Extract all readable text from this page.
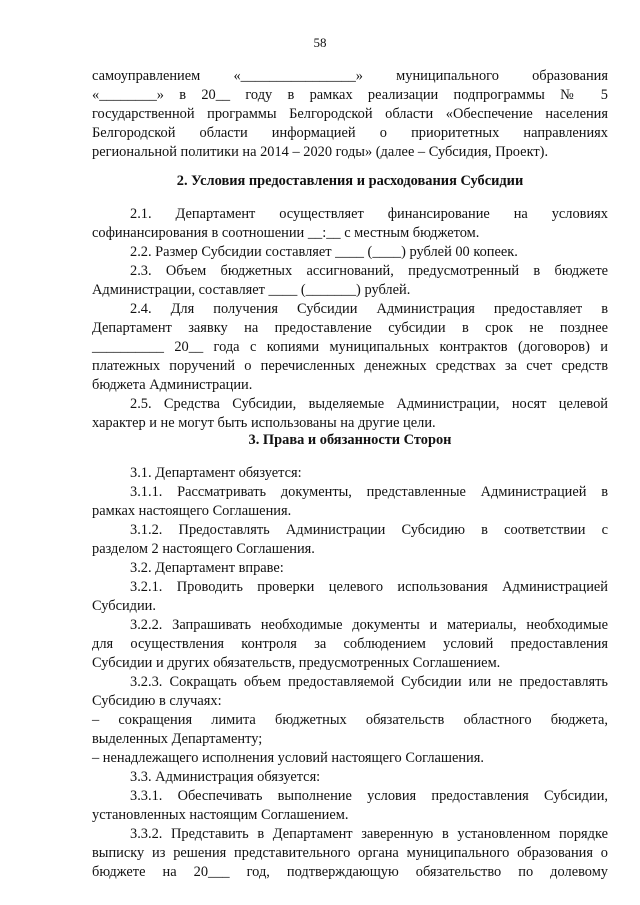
58
самоуправлением «________________» муниципального образования
«________» в 20__ году в рамках реализации подпрограммы № 5
государственной программы Белгородской области «Обеспечение населения
Белгородской области информацией о приоритетных направлениях
региональной политики на 2014 – 2020 годы» (далее – Субсидия, Проект).
2. Условия предоставления и расходования Субсидии
2.1. Департамент осуществляет финансирование на условиях
софинансирования в соотношении __:__ с местным бюджетом.
2.2. Размер Субсидии составляет ____ (____) рублей 00 копеек.
2.3. Объем бюджетных ассигнований, предусмотренный в бюджете
Администрации, составляет ____ (_______) рублей.
2.4. Для получения Субсидии Администрация предоставляет в
Департамент заявку на предоставление субсидии в срок не позднее
__________ 20__ года с копиями муниципальных контрактов (договоров) и
платежных поручений о перечисленных денежных средствах за счет средств
бюджета Администрации.
2.5. Средства Субсидии, выделяемые Администрации, носят целевой
характер и не могут быть использованы на другие цели.
3. Права и обязанности Сторон
3.1. Департамент обязуется:
3.1.1. Рассматривать документы, представленные Администрацией в
рамках настоящего Соглашения.
3.1.2. Предоставлять Администрации Субсидию в соответствии с
разделом 2 настоящего Соглашения.
3.2. Департамент вправе:
3.2.1. Проводить проверки целевого использования Администрацией
Субсидии.
3.2.2. Запрашивать необходимые документы и материалы, необходимые
для осуществления контроля за соблюдением условий предоставления
Субсидии и других обязательств, предусмотренных Соглашением.
3.2.3. Сокращать объем предоставляемой Субсидии или не предоставлять
Субсидию в случаях:
– сокращения лимита бюджетных обязательств областного бюджета,
выделенных Департаменту;
– ненадлежащего исполнения условий настоящего Соглашения.
3.3. Администрация обязуется:
3.3.1. Обеспечивать выполнение условия предоставления Субсидии,
установленных настоящим Соглашением.
3.3.2. Представить в Департамент заверенную в установленном порядке
выписку из решения представительного органа муниципального образования о
бюджете на 20___ год, подтверждающую обязательство по долевому
